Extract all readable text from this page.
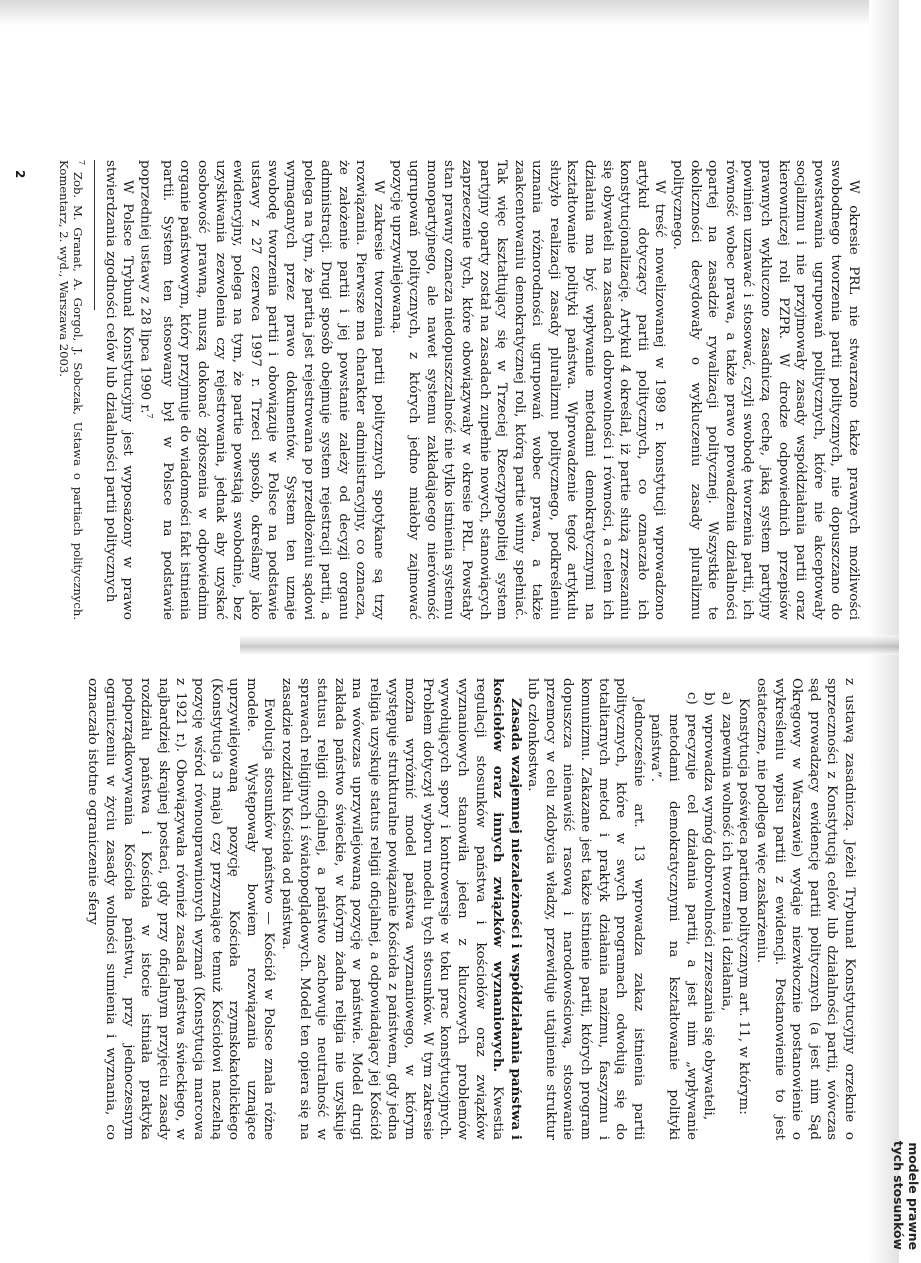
2

W okresie PRL nie stwarzano także prawnych możliwości swobodnego tworzenia partii politycznych, nie dopuszczano do powstawania ugrupowań politycznych, które nie akceptowały socjalizmu i nie przyjmowały zasady współdziałania partii oraz kierowniczej roli PZPR. W drodze odpowiednich przepisów prawnych wykluczono zasadniczą cechę, jaką system partyjny powinien uznawać i stosować, czyli swobodę tworzenia partii, ich równość wobec prawa, a także prawo prowadzenia działalności opartej na zasadzie rywalizacji politycznej. Wszystkie te okoliczności decydowały o wykluczeniu zasady pluralizmu politycznego.

W treść nowelizowanej w 1989 r. konstytucji wprowadzono artykuł dotyczący partii politycznych, co oznaczało ich konstytucjonalizację. Artykuł 4 określał, iż partie służą zrzeszaniu się obywateli na zasadach dobrowolności i równości, a celem ich działania ma być wpływanie metodami demokratycznymi na kształtowanie polityki państwa. Wprowadzenie tegoż artykułu służyło realizacji zasady pluralizmu politycznego, podkreśleniu uznania różnorodności ugrupowań wobec prawa, a także zaakcentowaniu demokratycznej roli, którą partie winny spełniać. Tak więc kształtujący się w Trzeciej Rzeczypospolitej system partyjny oparty został na zasadach zupełnie nowych, stanowiących zaprzeczenie tych, które obowiązywały w okresie PRL. Powstały stan prawny oznacza niedopuszczalność nie tylko istnienia systemu monopartyjnego, ale nawet systemu zakładającego nierówność ugrupowań politycznych, z których jedno miałoby zajmować pozycję uprzywilejowaną.

W zakresie tworzenia partii politycznych spotykane są trzy rozwiązania. Pierwsze ma charakter administracyjny, co oznacza, że założenie partii i jej powstanie zależy od decyzji organu administracji. Drugi sposób obejmuje system rejestracji partii, a polega na tym, że partia jest rejestrowana po przedłożeniu sądowi wymaganych przez prawo dokumentów. System ten uznaje swobodę tworzenia partii i obowiązuje w Polsce na podstawie ustawy z 27 czerwca 1997 r. Trzeci sposób, określany jako ewidencyjny, polega na tym, że partie powstają swobodnie, bez uzyskiwania zezwolenia czy rejestrowania, jednak aby uzyskać osobowość prawną, muszą dokonać zgłoszenia w odpowiednim organie państwowym, który przyjmuje do wiadomości fakt istnienia partii. System ten stosowany był w Polsce na podstawie poprzedniej ustawy z 28 lipca 1990 r.$^7$

W Polsce Trybunał Konstytucyjny jest wyposażony w prawo stwierdzania zgodności celów lub działalności partii politycznych

$^7$ Zob. M. Granat, A. Gorgol, J. Sobczak, Ustawa o partiach politycznych. Komentarz, 2. wyd., Warszawa 2003.

z ustawą zasadniczą. Jeżeli Trybunał Konstytucyjny orzeknie o sprzeczności z Konstytucją celów lub działalności partii, wówczas sąd prowadzący ewidencję partii politycznych (a jest nim Sąd Okręgowy w Warszawie) wydaje niezwłocznie postanowienie o wykreśleniu wpisu partii z ewidencji. Postanowienie to jest ostateczne, nie podlega więc zaskarżeniu.

Konstytucja poświęca partiom politycznym art. 11, w którym:

a)
zapewnia wolność ich tworzenia i działania,
b)
wprowadza wymóg dobrowolności zrzeszania się obywateli,
c)
precyzuje cel działania partii, a jest nim „wpływanie metodami demokratycznymi na kształtowanie polityki państwa”.

Jednocześnie art. 13 wprowadza zakaz istnienia partii politycznych, które w swych programach odwołują się do totalitarnych metod i praktyk działania nazizmu, faszyzmu i komunizmu. Zakazane jest także istnienie partii, których program dopuszcza nienawiść rasową i narodowościową, stosowanie przemocy w celu zdobycia władzy, przewiduje utajnienie struktur lub członkostwa.

Zasada wzajemnej niezależności i współdziałania państwa i kościołów oraz innych związków wyznaniowych. Kwestia regulacji stosunków państwa i kościołów oraz związków wyznaniowych stanowiła jeden z kluczowych problemów wywołujących spory i kontrowersje w toku prac konstytucyjnych. Problem dotyczył wyboru modelu tych stosunków. W tym zakresie można wyróżnić model państwa wyznaniowego, w którym występuje strukturalne powiązanie Kościoła z państwem, gdy jedna religia uzyskuje status religii oficjalnej, a odpowiadający jej Kościół ma wówczas uprzywilejowaną pozycję w państwie. Model drugi zakłada państwo świeckie, w którym żadna religia nie uzyskuje statusu religii oficjalnej, a państwo zachowuje neutralność w sprawach religijnych i światopoglądowych. Model ten opiera się na zasadzie rozdziału Kościoła od państwa.

Ewolucja stosunków państwo — Kościół w Polsce znała różne modele. Występowały bowiem rozwiązania uznające uprzywilejowaną pozycję Kościoła rzymskokatolickiego (Konstytucja 3 maja) czy przyznające temuż Kościołowi naczelną pozycję wśród równouprawnionych wyznań (Konstytucja marcowa z 1921 r.). Obowiązywała również zasada państwa świeckiego, w najbardziej skrajnej postaci, gdy przy oficjalnym przyjęciu zasady rozdziału państwa i Kościoła w istocie istniała praktyka podporządkowywania Kościoła państwu, przy jednoczesnym ograniczeniu w życiu zasady wolności sumienia i wyznania, co oznaczało istotne ograniczenie sfery

modele prawne
tych stosunków
